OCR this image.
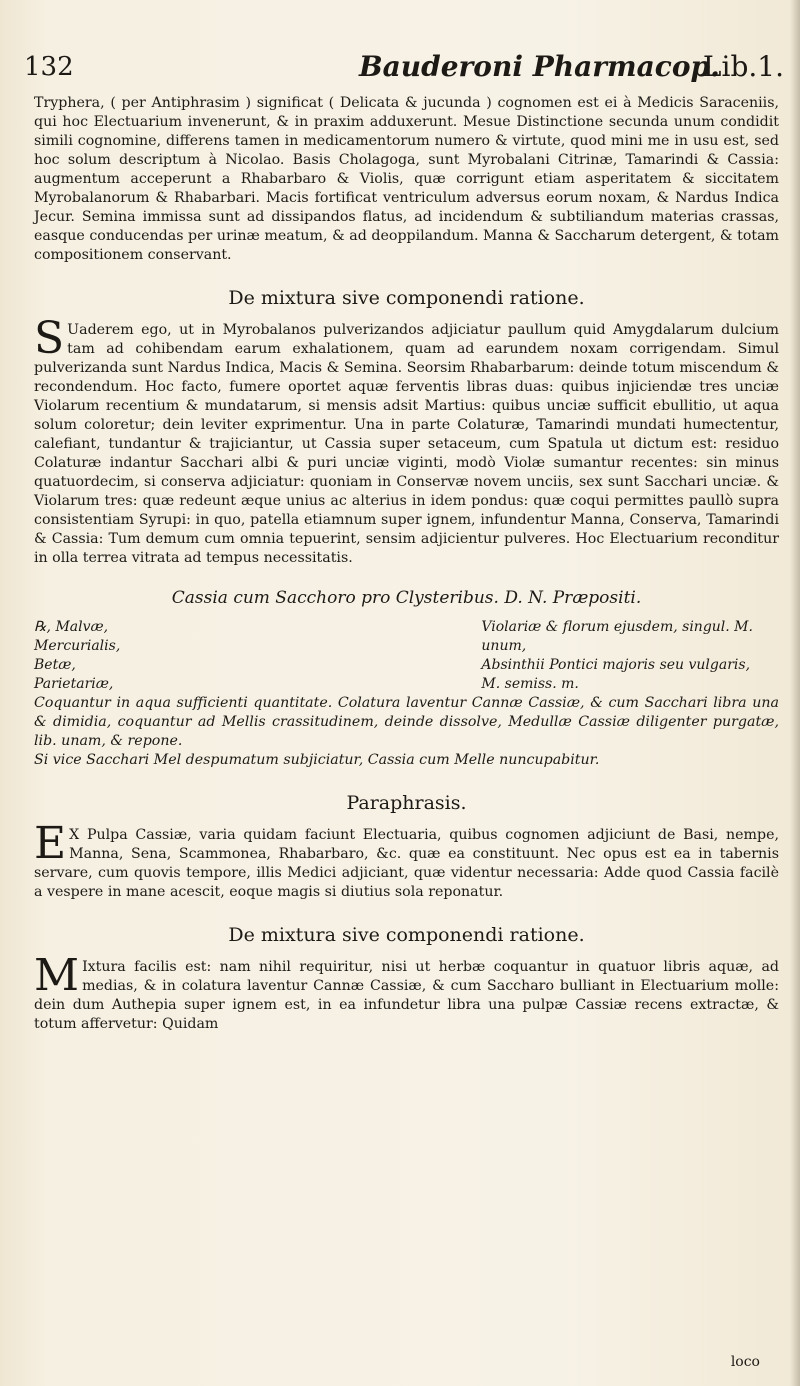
132	Bauderoni Pharmacop.
Lib.1.

Tryphera, ( per Antiphrasim ) significat ( Delicata & jucunda ) cognomen est ei à Medicis Saraceniis, qui hoc Electuarium invenerunt, & in praxim adduxerunt. Mesue Distinctione secunda unum condidit simili cognomine, differens tamen in medicamentorum numero & virtute, quod mini me in usu est, sed hoc solum descriptum à Nicolao. Basis Cholagoga, sunt Myrobalani Citrinæ, Tamarindi & Cassia: augmentum acceperunt a Rhabarbaro & Violis, quæ corrigunt etiam asperitatem & siccitatem Myrobalanorum & Rhabarbari. Macis fortificat ventriculum adversus eorum noxam, & Nardus Indica Jecur. Semina immissa sunt ad dissipandos flatus, ad incidendum & subtiliandum materias crassas, easque conducendas per urinæ meatum, & ad deoppilandum. Manna & Saccharum detergent, & totam compositionem conservant.

De mixtura sive componendi ratione.

SUaderem ego, ut in Myrobalanos pulverizandos adjiciatur paullum quid Amygdalarum dulcium tam ad cohibendam earum exhalationem, quam ad earundem noxam corrigendam. Simul pulverizanda sunt Nardus Indica, Macis & Semina. Seorsim Rhabarbarum: deinde totum miscendum & recondendum. Hoc facto, fumere oportet aquæ ferventis libras duas: quibus injiciendæ tres unciæ Violarum recentium & mundatarum, si mensis adsit Martius: quibus unciæ sufficit ebullitio, ut aqua solum coloretur; dein leviter exprimentur. Una in parte Colaturæ, Tamarindi mundati humectentur, calefiant, tundantur & trajiciantur, ut Cassia super setaceum, cum Spatula ut dictum est: residuo Colaturæ indantur Sacchari albi & puri unciæ viginti, modò Violæ sumantur recentes: sin minus quatuordecim, si conserva adjiciatur: quoniam in Conservæ novem unciis, sex sunt Sacchari unciæ. & Violarum tres: quæ redeunt æque unius ac alterius in idem pondus: quæ coqui permittes paullò supra consistentiam Syrupi: in quo, patella etiamnum super ignem, infundentur Manna, Conserva, Tamarindi & Cassia: Tum demum cum omnia tepuerint, sensim adjicientur pulveres. Hoc Electuarium reconditur in olla terrea vitrata ad tempus necessitatis.

Cassia cum Sacchoro pro Clysteribus. D. N. Præpositi.
℞, Malvæ,
Mercurialis,
Betæ,
Parietariæ,
Violariæ & florum ejusdem, singul. M.
unum,
Absinthii Pontici majoris seu vulgaris,
M. semiss. m.

Coquantur in aqua sufficienti quantitate. Colatura laventur Cannæ Cassiæ, & cum Sacchari libra una & dimidia, coquantur ad Mellis crassitudinem, deinde dissolve, Medullæ Cassiæ diligenter purgatæ, lib. unam, & repone.

Si vice Sacchari Mel despumatum subjiciatur, Cassia cum Melle nuncupabitur.

Paraphrasis.

EX Pulpa Cassiæ, varia quidam faciunt Electuaria, quibus cognomen adjiciunt de Basi, nempe, Manna, Sena, Scammonea, Rhabarbaro, &c. quæ ea constituunt. Nec opus est ea in tabernis servare, cum quovis tempore, illis Medici adjiciant, quæ videntur necessaria: Adde quod Cassia facilè a vespere in mane acescit, eoque magis si diutius sola reponatur.

De mixtura sive componendi ratione.

MIxtura facilis est: nam nihil requiritur, nisi ut herbæ coquantur in quatuor libris aquæ, ad medias, & in colatura laventur Cannæ Cassiæ, & cum Saccharo bulliant in Electuarium molle: dein dum Authepia super ignem est, in ea infundetur libra una pulpæ Cassiæ recens extractæ, & totum affervetur: Quidam

loco
